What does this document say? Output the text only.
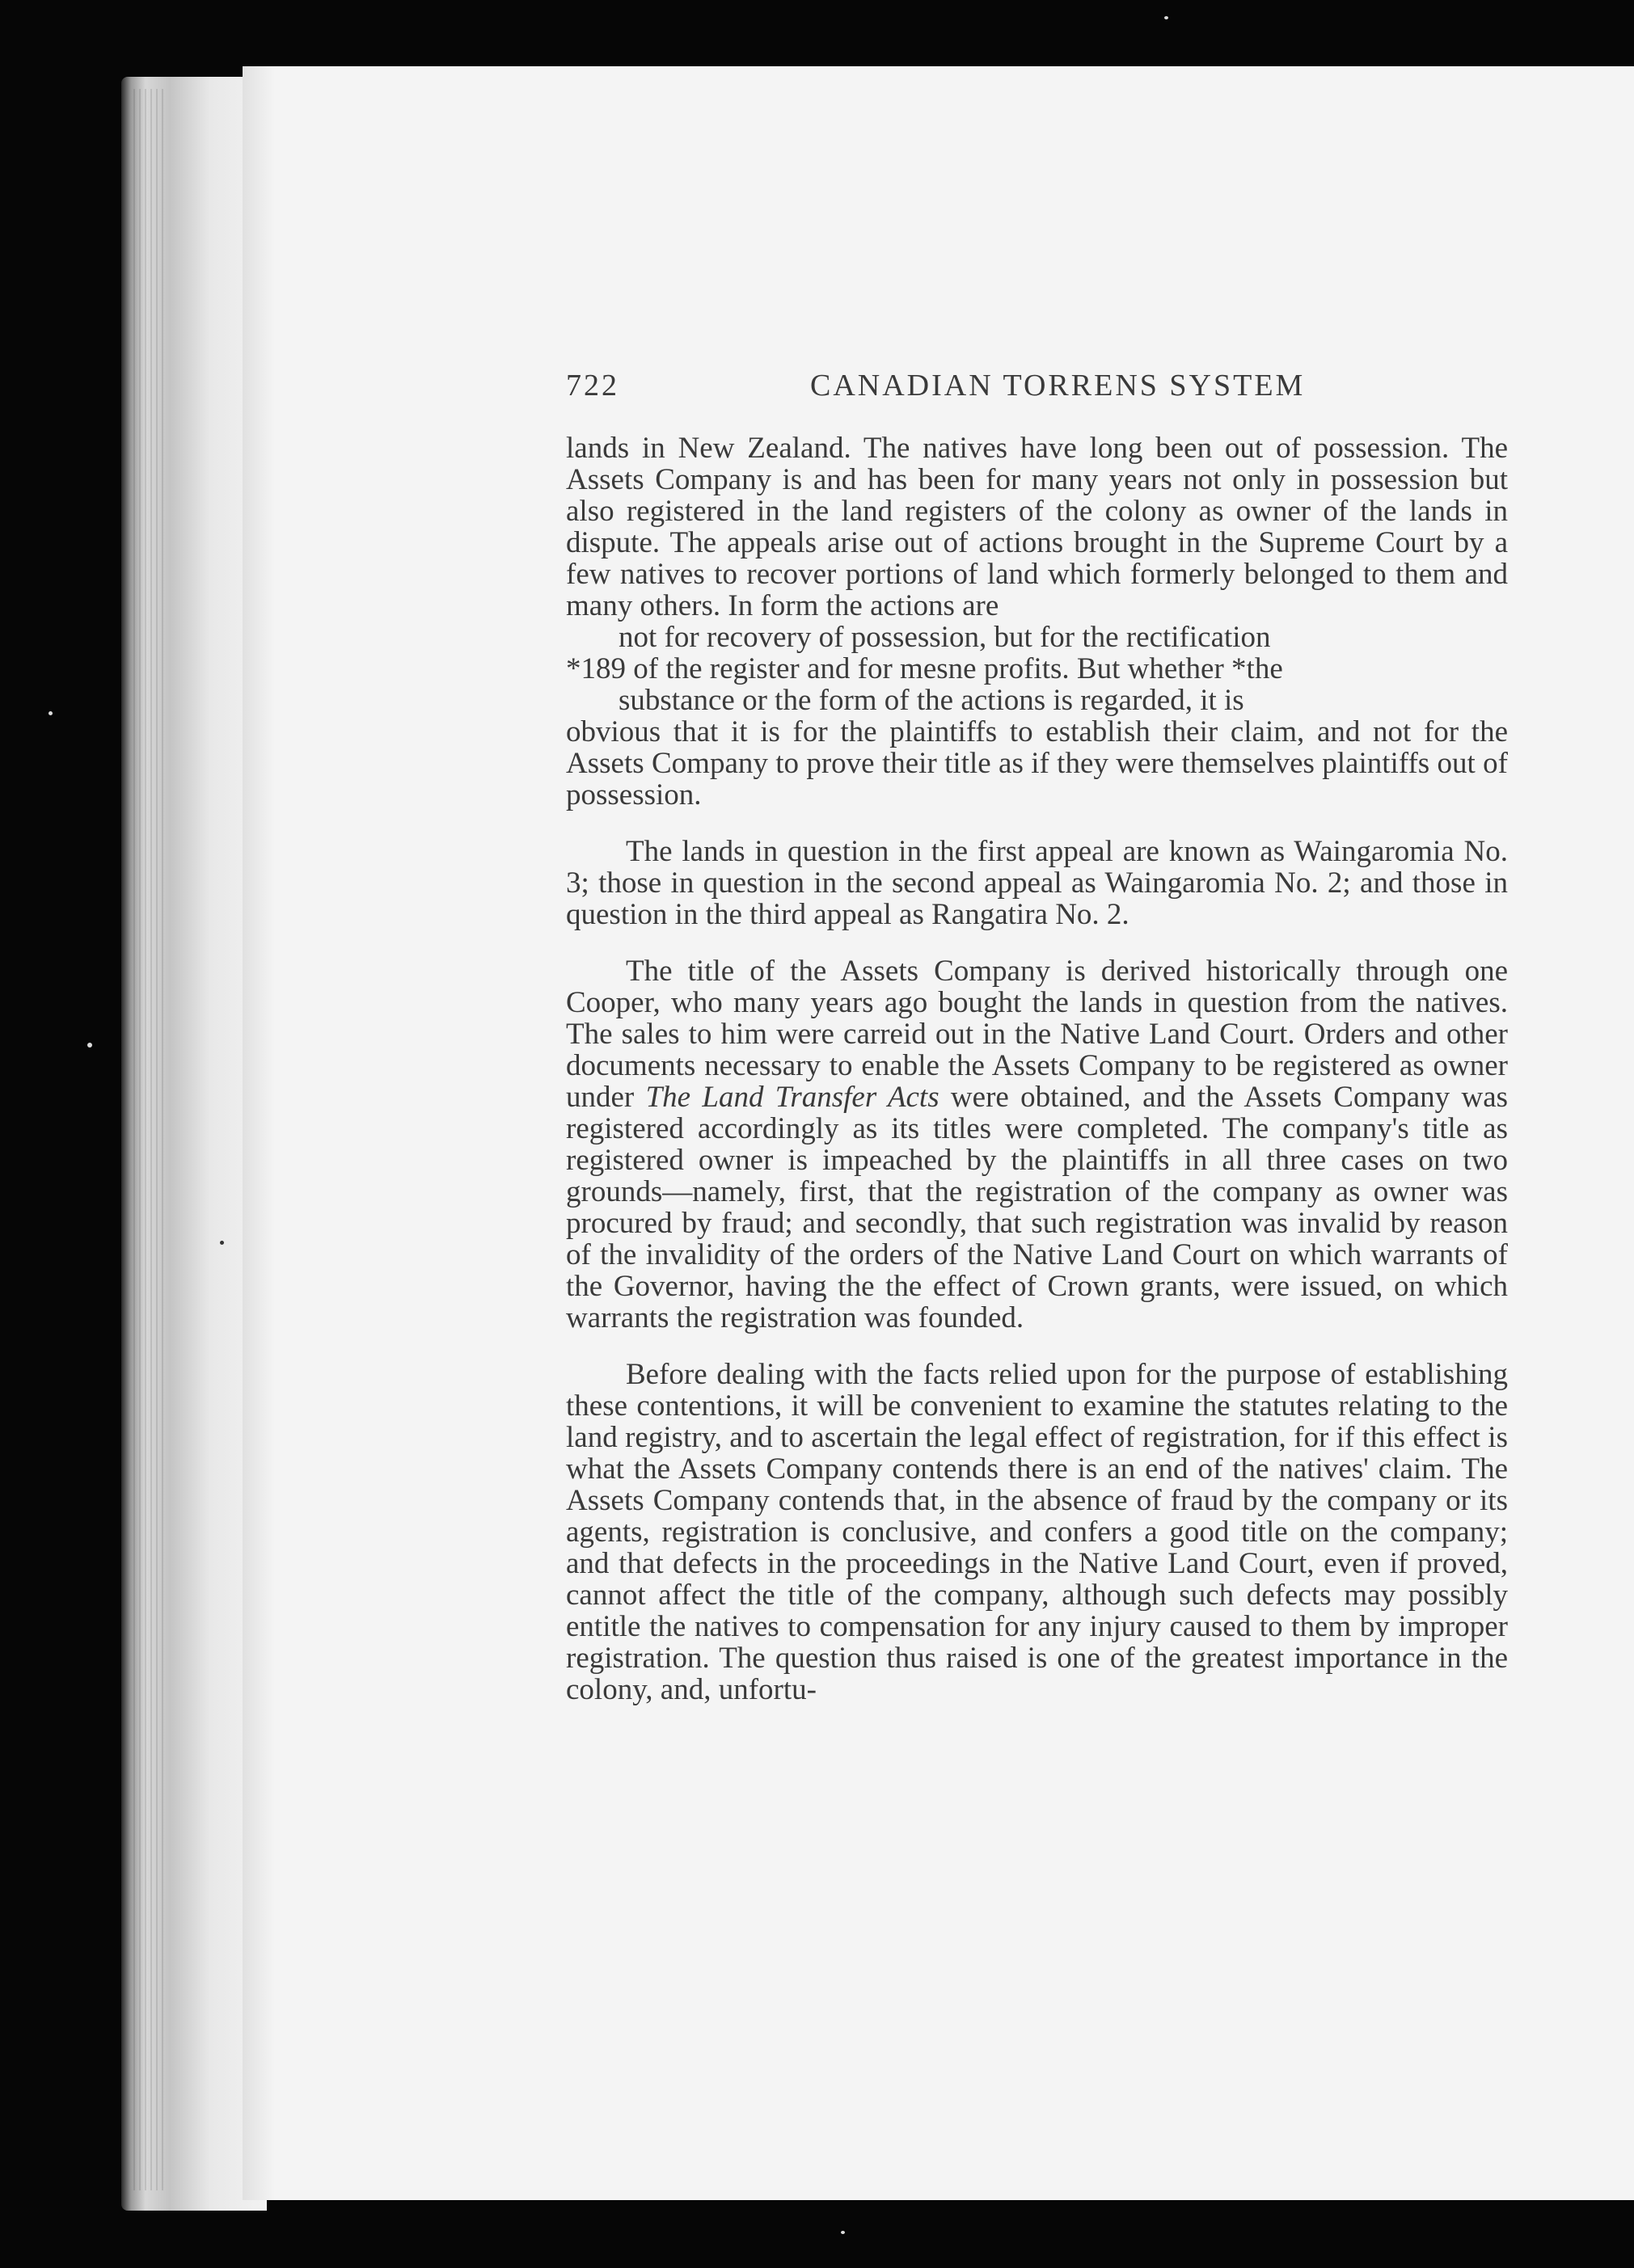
722	CANADIAN TORRENS SYSTEM

lands in New Zealand. The natives have long been out of possession. The Assets Company is and has been for many years not only in possession but also registered in the land registers of the colony as owner of the lands in dispute. The appeals arise out of actions brought in the Supreme Court by a few natives to recover portions of land which formerly belonged to them and many others. In form the actions are
not for recovery of possession, but for the rectification
*189 of the register and for mesne profits. But whether *the
substance or the form of the actions is regarded, it is
obvious that it is for the plaintiffs to establish their claim, and not for the Assets Company to prove their title as if they were themselves plaintiffs out of possession.

The lands in question in the first appeal are known as Waingaromia No. 3; those in question in the second appeal as Waingaromia No. 2; and those in question in the third appeal as Rangatira No. 2.

The title of the Assets Company is derived historically through one Cooper, who many years ago bought the lands in question from the natives. The sales to him were carreid out in the Native Land Court. Orders and other documents necessary to enable the Assets Company to be registered as owner under The Land Transfer Acts were obtained, and the Assets Company was registered accordingly as its titles were completed. The company's title as registered owner is impeached by the plaintiffs in all three cases on two grounds—namely, first, that the registration of the company as owner was procured by fraud; and secondly, that such registration was invalid by reason of the invalidity of the orders of the Native Land Court on which warrants of the Governor, having the the effect of Crown grants, were issued, on which warrants the registration was founded.

Before dealing with the facts relied upon for the purpose of establishing these contentions, it will be convenient to examine the statutes relating to the land registry, and to ascertain the legal effect of registration, for if this effect is what the Assets Company contends there is an end of the natives' claim. The Assets Company contends that, in the absence of fraud by the company or its agents, registration is conclusive, and confers a good title on the company; and that defects in the proceedings in the Native Land Court, even if proved, cannot affect the title of the company, although such defects may possibly entitle the natives to compensation for any injury caused to them by improper registration. The question thus raised is one of the greatest importance in the colony, and, unfortu-
